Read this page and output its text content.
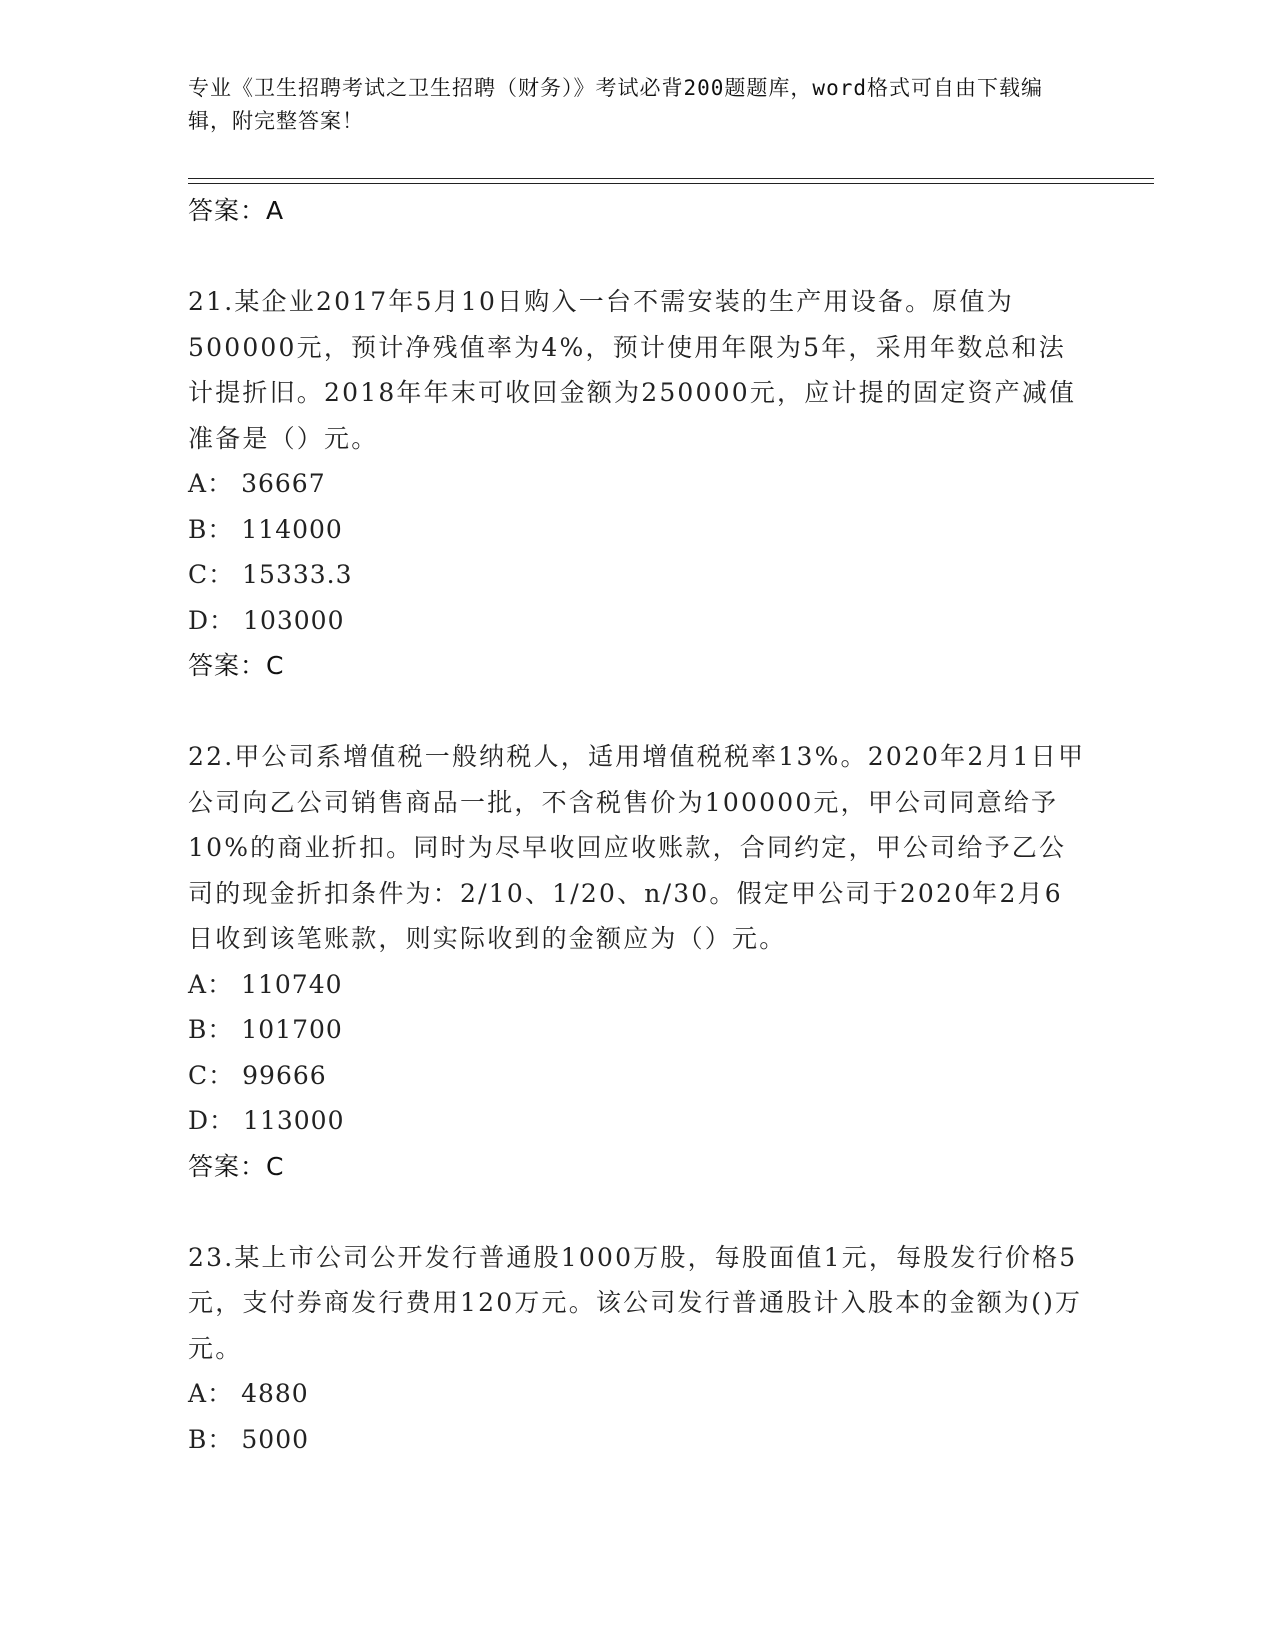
专业《卫生招聘考试之卫生招聘（财务）》考试必背200题题库，word格式可自由下载编辑，附完整答案！
答案：A
21.某企业2017年5月10日购入一台不需安装的生产用设备。原值为500000元，预计净残值率为4%，预计使用年限为5年，采用年数总和法计提折旧。2018年年末可收回金额为250000元，应计提的固定资产减值准备是（）元。
A： 36667
B： 114000
C： 15333.3
D： 103000
答案：C
22.甲公司系增值税一般纳税人，适用增值税税率13%。2020年2月1日甲公司向乙公司销售商品一批，不含税售价为100000元，甲公司同意给予10%的商业折扣。同时为尽早收回应收账款，合同约定，甲公司给予乙公司的现金折扣条件为：2/10、1/20、n/30。假定甲公司于2020年2月6日收到该笔账款，则实际收到的金额应为（）元。
A： 110740
B： 101700
C： 99666
D： 113000
答案：C
23.某上市公司公开发行普通股1000万股，每股面值1元，每股发行价格5元，支付券商发行费用120万元。该公司发行普通股计入股本的金额为()万元。
A： 4880
B： 5000
